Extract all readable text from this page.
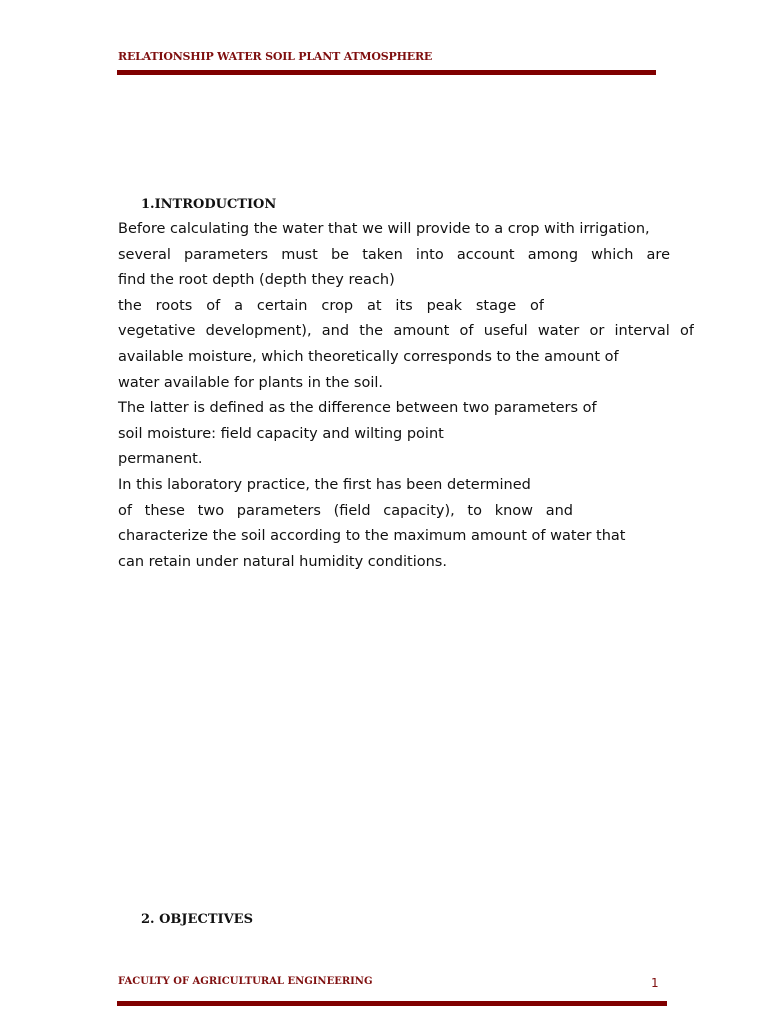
RELATIONSHIP WATER SOIL PLANT ATMOSPHERE
1.INTRODUCTION
Before calculating the water that we will provide to a crop with irrigation,
several parameters must be taken into account among which are
find the root depth (depth they reach)
the roots of a certain crop at its peak stage of
vegetative development), and the amount of useful water or interval of
available moisture, which theoretically corresponds to the amount of
water available for plants in the soil.
The latter is defined as the difference between two parameters of
soil moisture: field capacity and wilting point
permanent.
In this laboratory practice, the first has been determined
of these two parameters (field capacity), to know and
characterize the soil according to the maximum amount of water that
can retain under natural humidity conditions.
2. OBJECTIVES
FACULTY OF AGRICULTURAL ENGINEERING	1
